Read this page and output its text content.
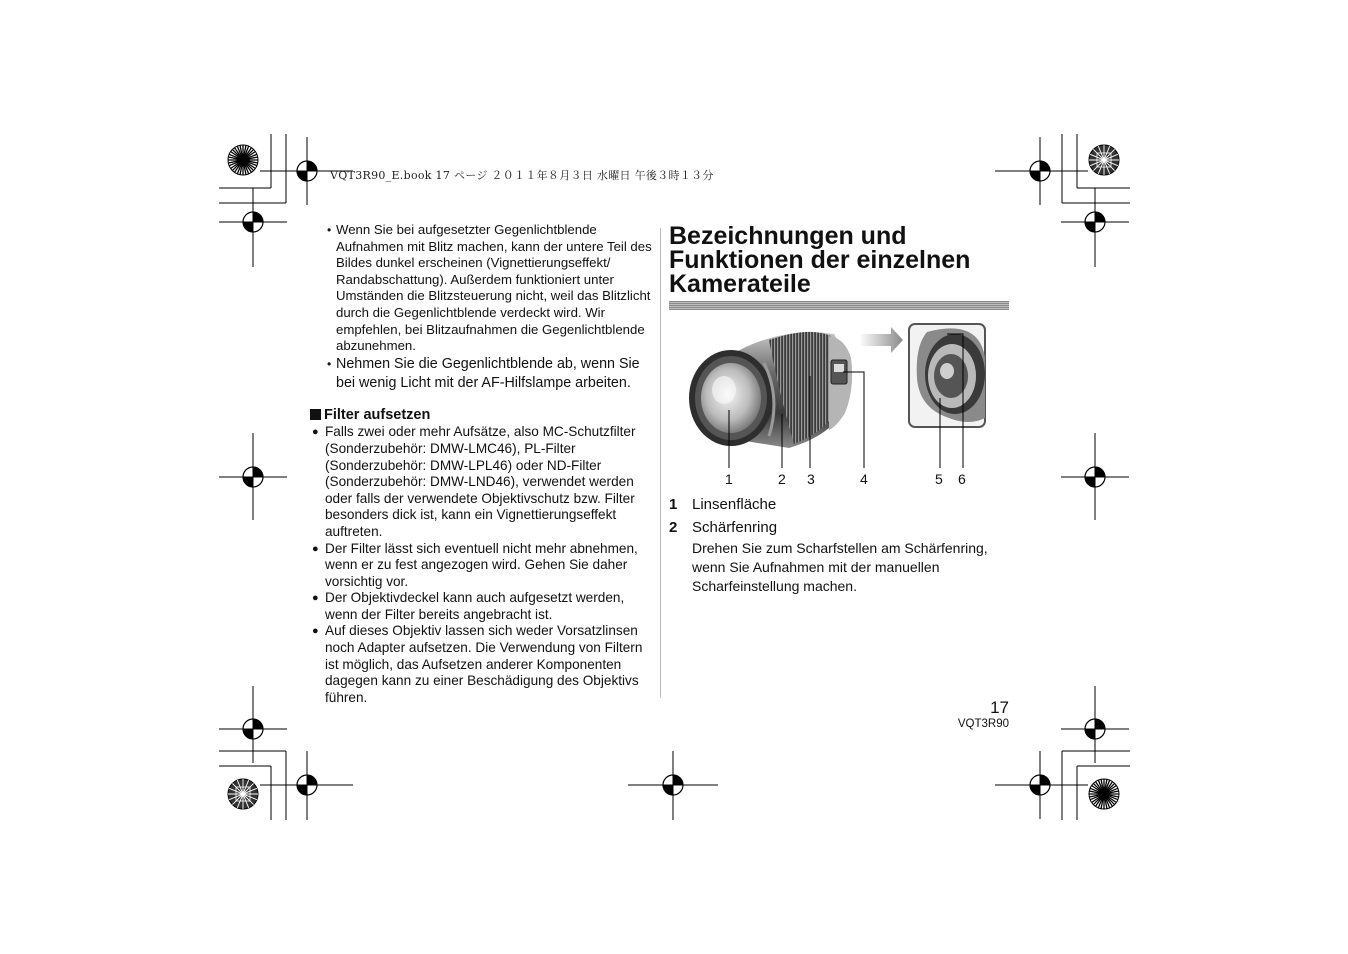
VQT3R90_E.book 17 ページ ２０１１年８月３日 水曜日 午後３時１３分
• Wenn Sie bei aufgesetzter Gegenlichtblende Aufnahmen mit Blitz machen, kann der untere Teil des Bildes dunkel erscheinen (Vignettierungseffekt/ Randabschattung). Außerdem funktioniert unter Umständen die Blitzsteuerung nicht, weil das Blitzlicht durch die Gegenlichtblende verdeckt wird. Wir empfehlen, bei Blitzaufnahmen die Gegenlichtblende abzunehmen.
• Nehmen Sie die Gegenlichtblende ab, wenn Sie bei wenig Licht mit der AF-Hilfslampe arbeiten.
Filter aufsetzen
● Falls zwei oder mehr Aufsätze, also MC-Schutzfilter (Sonderzubehör: DMW-LMC46), PL-Filter (Sonderzubehör: DMW-LPL46) oder ND-Filter (Sonderzubehör: DMW-LND46), verwendet werden oder falls der verwendete Objektivschutz bzw. Filter besonders dick ist, kann ein Vignettierungseffekt auftreten.
● Der Filter lässt sich eventuell nicht mehr abnehmen, wenn er zu fest angezogen wird. Gehen Sie daher vorsichtig vor.
● Der Objektivdeckel kann auch aufgesetzt werden, wenn der Filter bereits angebracht ist.
● Auf dieses Objektiv lassen sich weder Vorsatzlinsen noch Adapter aufsetzen. Die Verwendung von Filtern ist möglich, das Aufsetzen anderer Komponenten dagegen kann zu einer Beschädigung des Objektivs führen.
Bezeichnungen und
Funktionen der einzelnen
Kamerateile
1	2 3	4	5 6
1 Linsenfläche
2 Schärfenring
Drehen Sie zum Scharfstellen am Schärfenring, wenn Sie Aufnahmen mit der manuellen Scharfeinstellung machen.
17
VQT3R90
